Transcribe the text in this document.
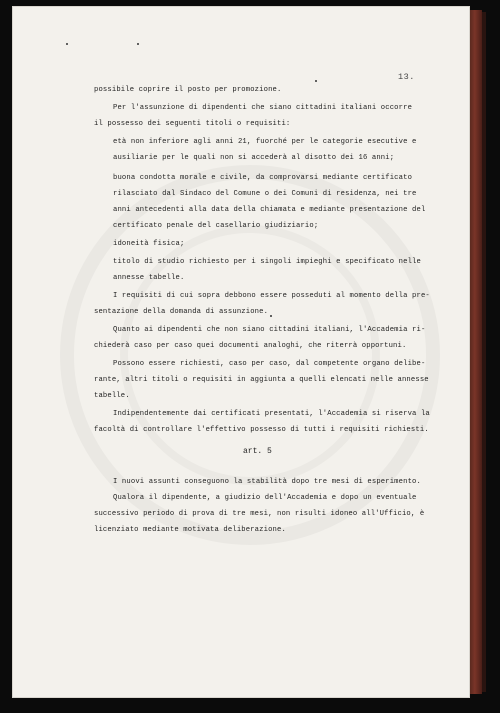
13.
possibile coprire il posto per promozione.
Per l'assunzione di dipendenti che siano cittadini italiani occorre
il possesso dei seguenti titoli o requisiti:
età non inferiore agli anni 21, fuorché per le categorie esecutive e
ausiliarie per le quali non si accederà al disotto dei 16 anni;
buona condotta morale e civile, da comprovarsi mediante certificato
rilasciato dal Sindaco del Comune o dei Comuni di residenza, nei tre
anni antecedenti alla data della chiamata e mediante presentazione del
certificato penale del casellario giudiziario;
idoneità fisica;
titolo di studio richiesto per i singoli impieghi e specificato nelle
annesse tabelle.
I requisiti di cui sopra debbono essere posseduti al momento della pre-
sentazione della domanda di assunzione.
Quanto ai dipendenti che non siano cittadini italiani, l'Accademia ri-
chiederà caso per caso quei documenti analoghi, che riterrà opportuni.
Possono essere richiesti, caso per caso, dal competente organo delibe-
rante, altri titoli o requisiti in aggiunta a quelli elencati nelle annesse
tabelle.
Indipendentemente dai certificati presentati, l'Accademia si riserva la
facoltà di controllare l'effettivo possesso di tutti i requisiti richiesti.
art. 5
I nuovi assunti conseguono la stabilità dopo tre mesi di esperimento.
Qualora il dipendente, a giudizio dell'Accademia e dopo un eventuale
successivo periodo di prova di tre mesi, non risulti idoneo all'Ufficio, è
licenziato mediante motivata deliberazione.
